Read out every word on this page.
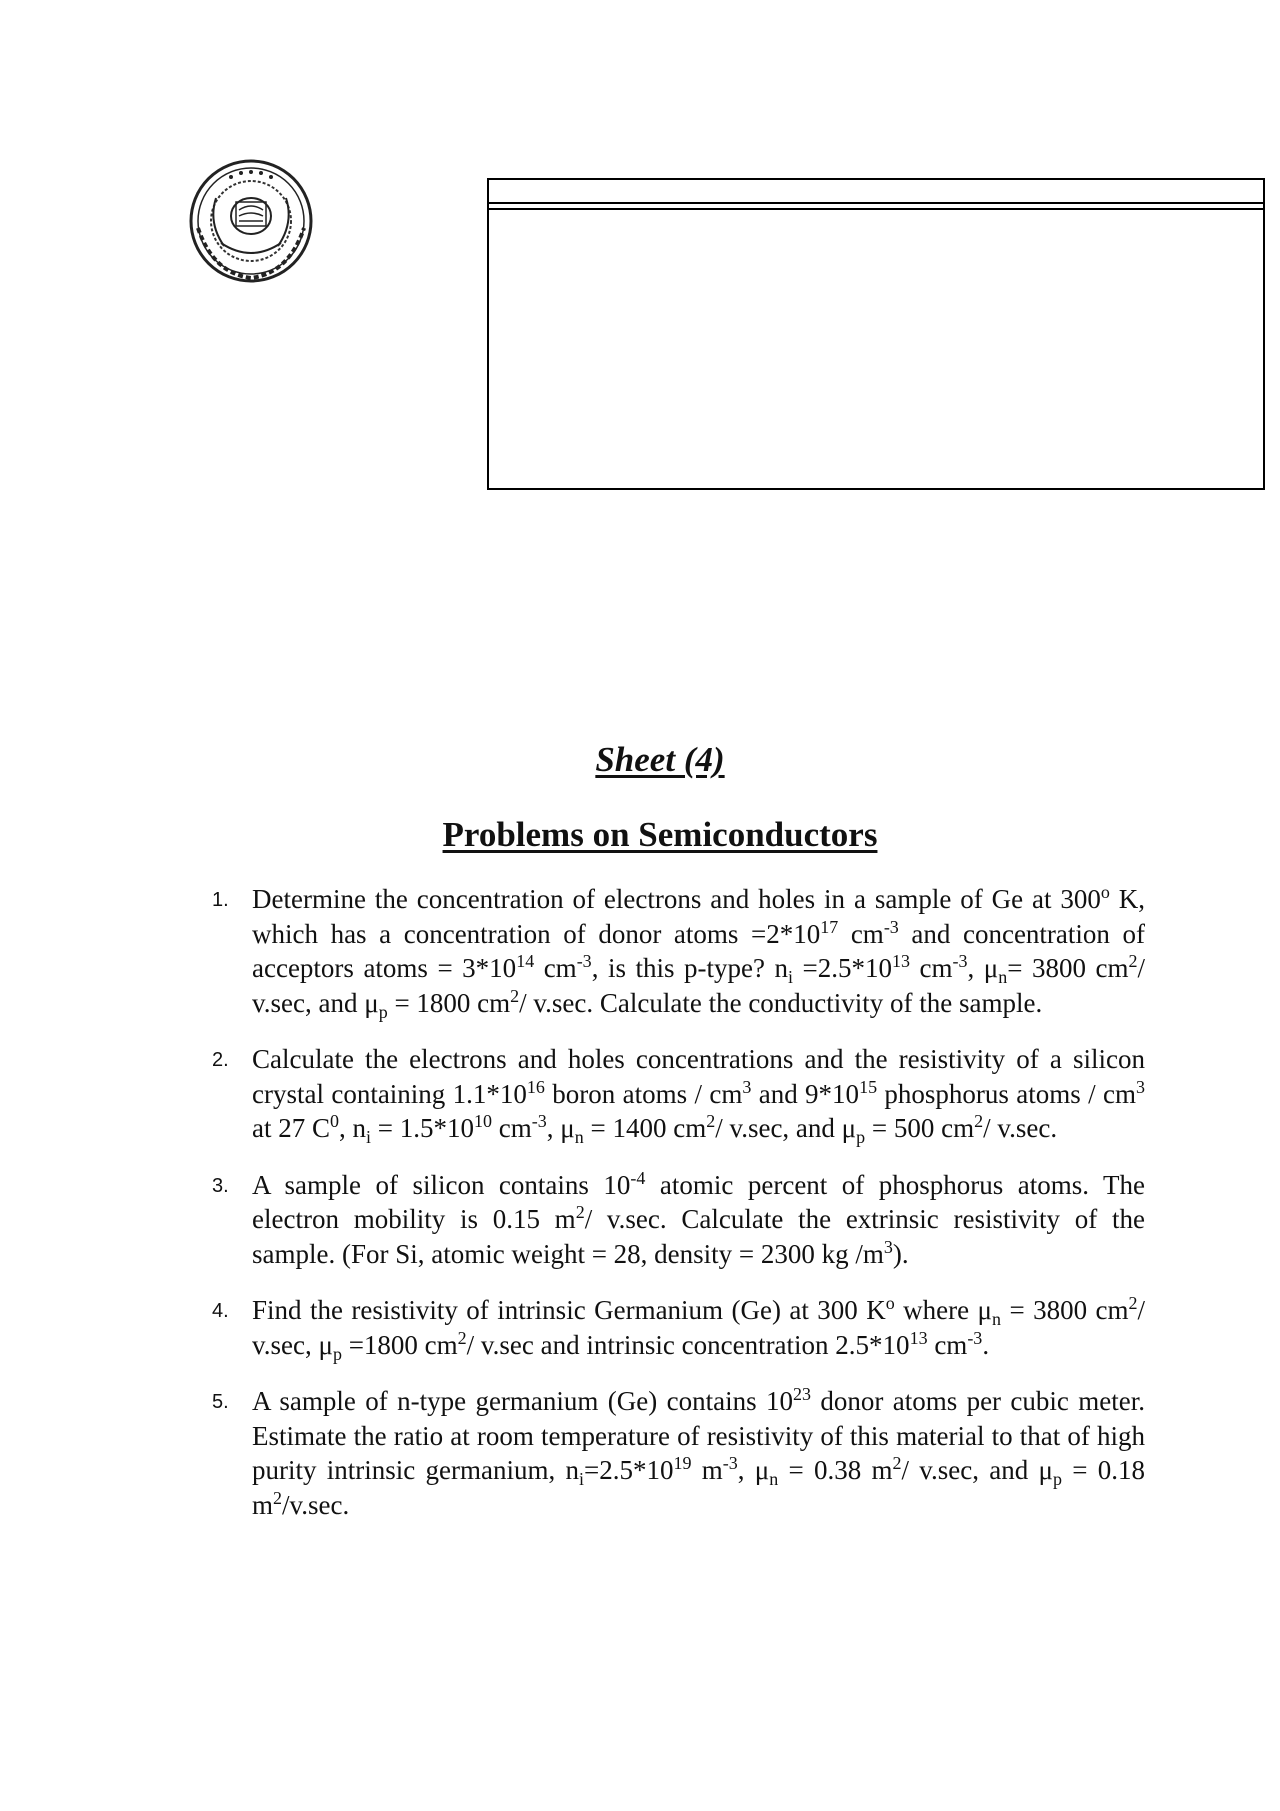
Sheet (4)
Problems on Semiconductors
1. Determine the concentration of electrons and holes in a sample of Ge at 300$^o$ K, which has a concentration of donor atoms $=2*10^{17}$ $cm^{-3}$ and concentration of acceptors atoms = $3*10^{14}$ $cm^{-3}$, is this p-type? $n_i =2.5*10^{13}$ $cm^{-3}$, $\mu_n= 3800$ $cm^2/$ v.sec, and $\mu_p = 1800$ $cm^2/$ v.sec. Calculate the conductivity of the sample.
2. Calculate the electrons and holes concentrations and the resistivity of a silicon crystal containing $1.1*10^{16}$ boron atoms / $cm^3$ and $9*10^{15}$ phosphorus atoms / $cm^3$ at 27 $C^0$, $n_i = 1.5*10^{10}$ $cm^{-3}$, $\mu_n = 1400$ $cm^2/$ v.sec, and $\mu_p = 500$ $cm^2/$ v.sec.
3. A sample of silicon contains $10^{-4}$ atomic percent of phosphorus atoms. The electron mobility is 0.15 $m^2/$ v.sec. Calculate the extrinsic resistivity of the sample. (For Si, atomic weight = 28, density = 2300 kg $/m^3$).
4. Find the resistivity of intrinsic Germanium (Ge) at 300 $K^o$ where $\mu_n = 3800$ $cm^2/$ v.sec, $\mu_p =1800$ $cm^2/$ v.sec and intrinsic concentration $2.5*10^{13}$ $cm^{-3}$.
5. A sample of n-type germanium (Ge) contains $10^{23}$ donor atoms per cubic meter. Estimate the ratio at room temperature of resistivity of this material to that of high purity intrinsic germanium, $n_i=2.5*10^{19}$ $m^{-3}$, $\mu_n = 0.38$ $m^2/$ v.sec, and $\mu_p = 0.18$ $m^2/v.\sec$.
